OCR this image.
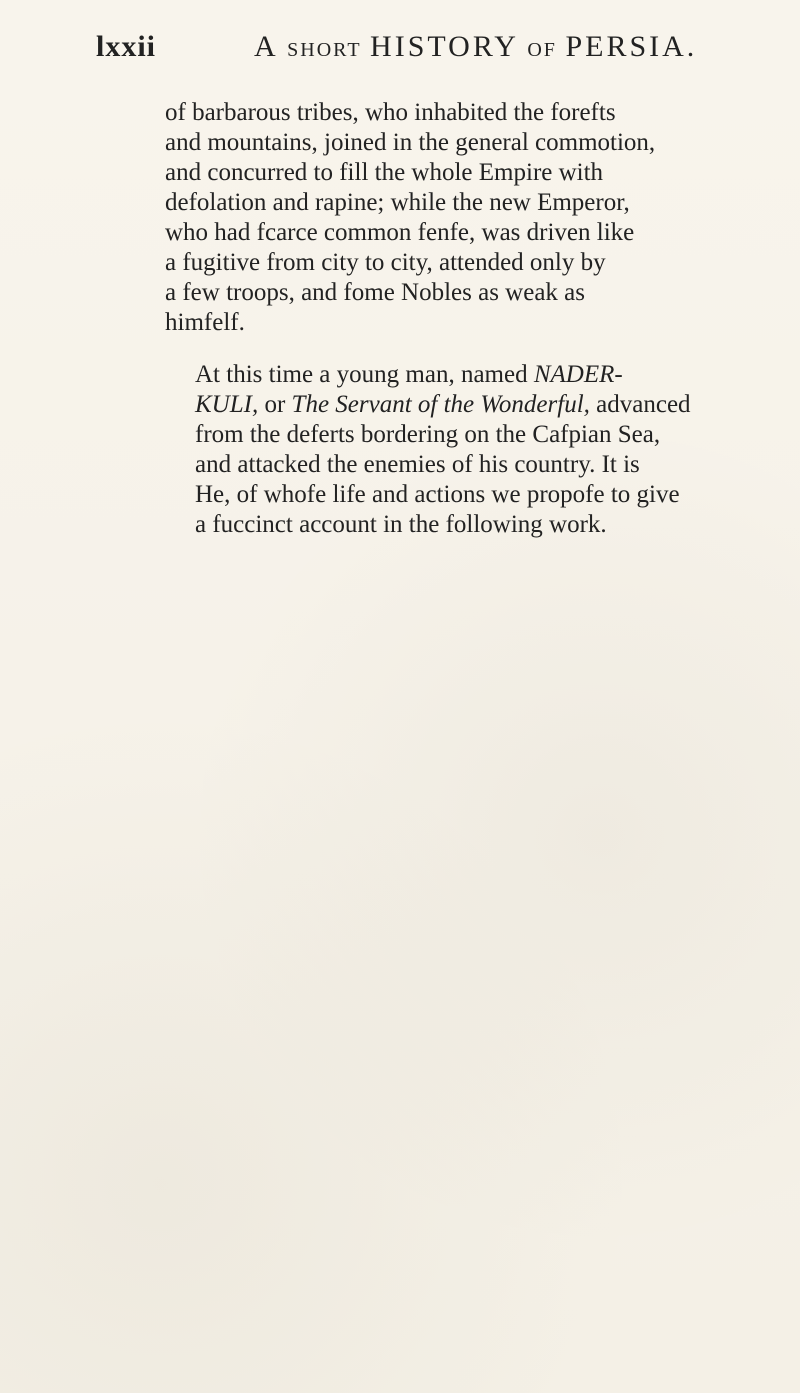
lxxii	A SHORT HISTORY OF PERSIA.
of barbarous tribes, who inhabited the forefts
and mountains, joined in the general commotion,
and concurred to fill the whole Empire with
defolation and rapine; while the new Emperor,
who had fcarce common fenfe, was driven like
a fugitive from city to city, attended only by
a few troops, and fome Nobles as weak as
himfelf.
At this time a young man, named NADER-
KULI, or The Servant of the Wonderful, advanced
from the deferts bordering on the Cafpian Sea,
and attacked the enemies of his country. It is
He, of whofe life and actions we propofe to give
a fuccinct account in the following work.
